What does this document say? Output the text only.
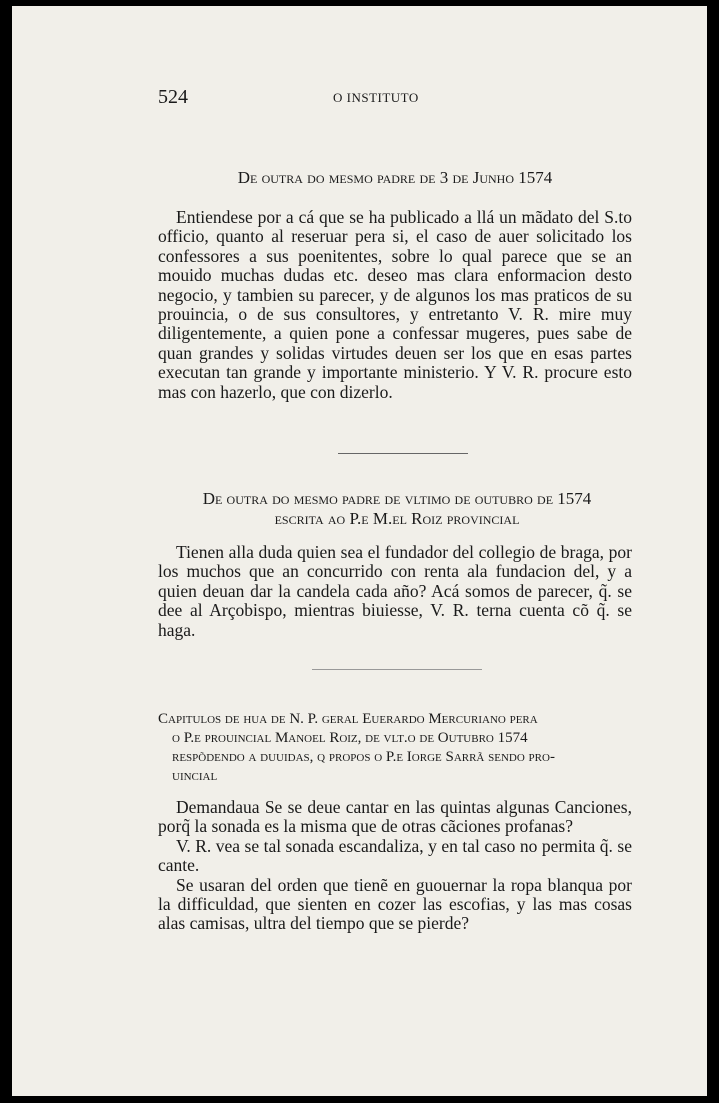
524	O INSTITUTO
De outra do mesmo padre de 3 de Junho 1574

Entiendese por a cá que se ha publicado a llá un mãdato del S.to officio, quanto al reseruar pera si, el caso de auer solicitado los confessores a sus poenitentes, sobre lo qual parece que se an mouido muchas dudas etc. deseo mas clara enformacion desto negocio, y tambien su parecer, y de algunos los mas praticos de su prouincia, o de sus consultores, y entretanto V. R. mire muy diligentemente, a quien pone a confessar mugeres, pues sabe de quan grandes y solidas virtudes deuen ser los que en esas partes executan tan grande y importante ministerio. Y V. R. procure esto mas con hazerlo, que con dizerlo.

De outra do mesmo padre de vltimo de outubro de 1574
escrita ao P.e M.el Roiz provincial

Tienen alla duda quien sea el fundador del collegio de braga, por los muchos que an concurrido con renta ala fundacion del, y a quien deuan dar la candela cada año? Acá somos de parecer, q̃. se dee al Arçobispo, mientras biuiesse, V. R. terna cuenta cõ q̃. se haga.

Capitulos de hua de N. P. geral Euerardo Mercuriano pera
o P.e prouincial Manoel Roiz, de vlt.o de Outubro 1574
respõdendo a duuidas, q propos o P.e Iorge Sarrã sendo pro-
uincial

Demandaua Se se deue cantar en las quintas algunas Canciones, porq̃ la sonada es la misma que de otras cãciones profanas?

V. R. vea se tal sonada escandaliza, y en tal caso no permita q̃. se cante.

Se usaran del orden que tienẽ en guouernar la ropa blanqua por la difficuldad, que sienten en cozer las escofias, y las mas cosas alas camisas, ultra del tiempo que se pierde?
